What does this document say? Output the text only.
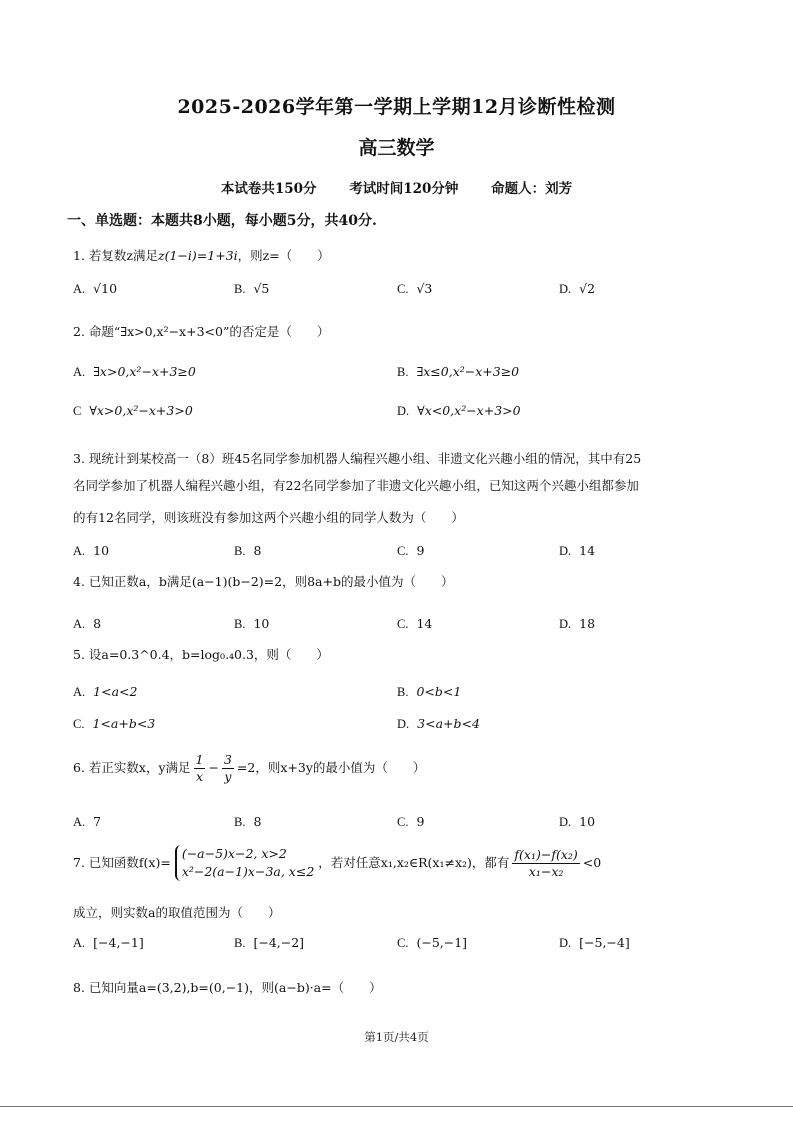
2025-2026学年第一学期上学期12月诊断性检测
高三数学
本试卷共150分 考试时间120分钟 命题人：刘芳
一、单选题：本题共8小题，每小题5分，共40分.
1. 若复数z满足z(1−i)=1+3i，则z=（　　）
A. √10	B. √5	C. √3	D. √2
2. 命题“∃x>0,x²−x+3<0”的否定是（　　）
A. ∃x>0,x²−x+3≥0	B. ∃x≤0,x²−x+3≥0
C ∀x>0,x²−x+3>0	D. ∀x<0,x²−x+3>0
3. 现统计到某校高一（8）班45名同学参加机器人编程兴趣小组、非遗文化兴趣小组的情况，其中有25
名同学参加了机器人编程兴趣小组，有22名同学参加了非遗文化兴趣小组，已知这两个兴趣小组都参加
的有12名同学，则该班没有参加这两个兴趣小组的同学人数为（　　）
A. 10	B. 8	C. 9	D. 14
4. 已知正数a，b满足(a−1)(b−2)=2，则8a+b的最小值为（　　）
A. 8	B. 10	C. 14	D. 18
5. 设a=0.3^0.4，b=log₀.₄0.3，则（　　）
A. 1<a<2	B. 0<b<1
C. 1<a+b<3	D. 3<a+b<4
6. 若正实数x，y满足 $\frac{1}{x} - \frac{3}{y} =2$，则x+3y的最小值为（　　）
A. 7	B. 8	C. 9	D. 10
7. 已知函数f(x)=
(−a−5)x−2, x>2
x²−2(a−1)x−3a, x≤2
，若对任意x₁,x₂∈R(x₁≠x₂)，都有 $\frac{\text{f(x₁)−f(x₂)}}{\text{x₁−x₂}} <0$
成立，则实数a的取值范围为（　　）
A. [−4,−1]	B. [−4,−2]	C. (−5,−1]	D. [−5,−4]
8. 已知向量a=(3,2),b=(0,−1)，则(a−b)·a=（　　）
第1页/共4页
